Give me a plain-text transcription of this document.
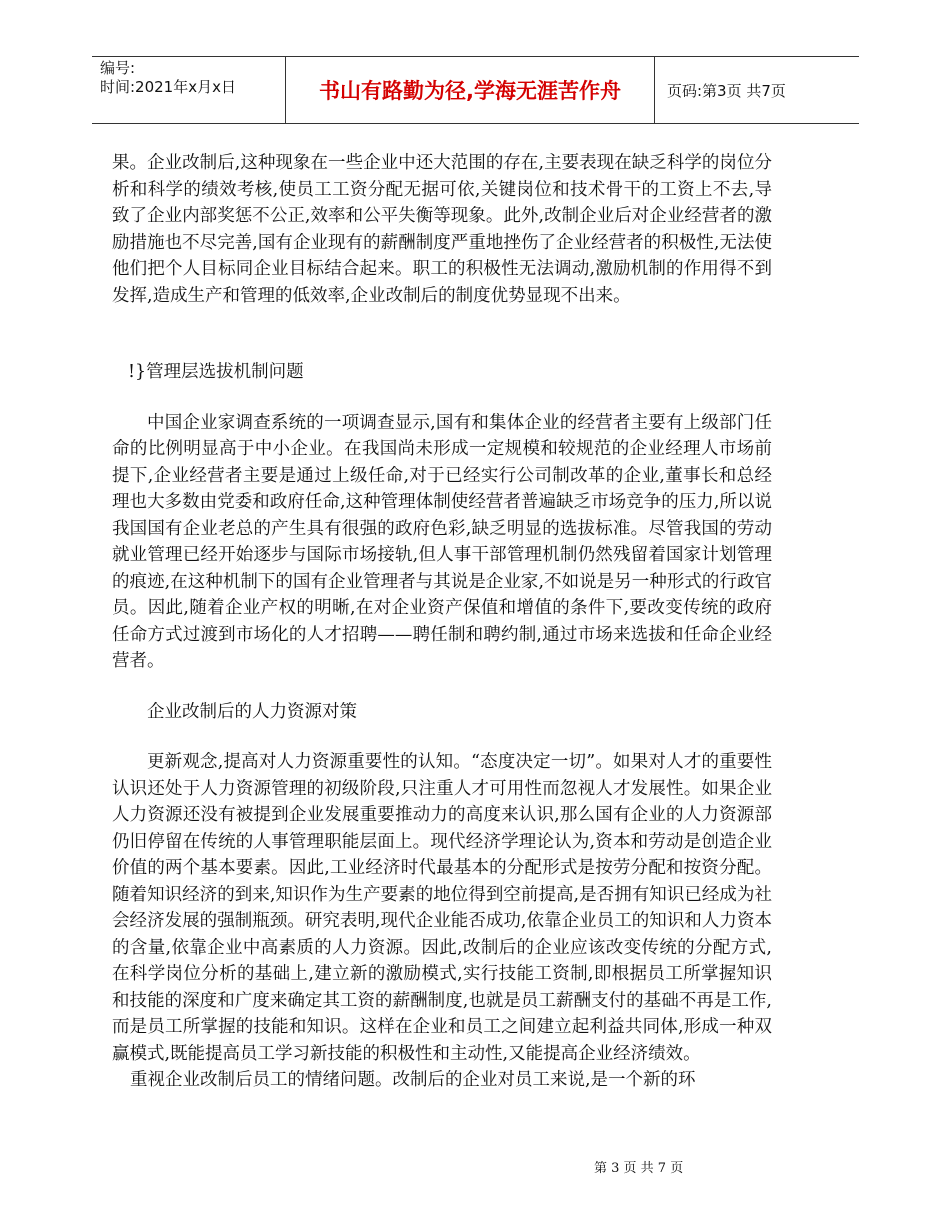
编号:
时间:2021年x月x日	书山有路勤为径,学海无涯苦作舟	页码:第3页 共7页

果。企业改制后,这种现象在一些企业中还大范围的存在,主要表现在缺乏科学的岗位分析和科学的绩效考核,使员工工资分配无据可依,关键岗位和技术骨干的工资上不去,导致了企业内部奖惩不公正,效率和公平失衡等现象。此外,改制企业后对企业经营者的激励措施也不尽完善,国有企业现有的薪酬制度严重地挫伤了企业经营者的积极性,无法使他们把个人目标同企业目标结合起来。职工的积极性无法调动,激励机制的作用得不到发挥,造成生产和管理的低效率,企业改制后的制度优势显现不出来。

!}管理层选拔机制问题

中国企业家调查系统的一项调查显示,国有和集体企业的经营者主要有上级部门任命的比例明显高于中小企业。在我国尚未形成一定规模和较规范的企业经理人市场前提下,企业经营者主要是通过上级任命,对于已经实行公司制改革的企业,董事长和总经理也大多数由党委和政府任命,这种管理体制使经营者普遍缺乏市场竞争的压力,所以说我国国有企业老总的产生具有很强的政府色彩,缺乏明显的选拔标准。尽管我国的劳动就业管理已经开始逐步与国际市场接轨,但人事干部管理机制仍然残留着国家计划管理的痕迹,在这种机制下的国有企业管理者与其说是企业家,不如说是另一种形式的行政官员。因此,随着企业产权的明晰,在对企业资产保值和增值的条件下,要改变传统的政府任命方式过渡到市场化的人才招聘——聘任制和聘约制,通过市场来选拔和任命企业经营者。

企业改制后的人力资源对策

更新观念,提高对人力资源重要性的认知。“态度决定一切”。如果对人才的重要性认识还处于人力资源管理的初级阶段,只注重人才可用性而忽视人才发展性。如果企业人力资源还没有被提到企业发展重要推动力的高度来认识,那么国有企业的人力资源部仍旧停留在传统的人事管理职能层面上。现代经济学理论认为,资本和劳动是创造企业价值的两个基本要素。因此,工业经济时代最基本的分配形式是按劳分配和按资分配。随着知识经济的到来,知识作为生产要素的地位得到空前提高,是否拥有知识已经成为社会经济发展的强制瓶颈。研究表明,现代企业能否成功,依靠企业员工的知识和人力资本的含量,依靠企业中高素质的人力资源。因此,改制后的企业应该改变传统的分配方式,在科学岗位分析的基础上,建立新的激励模式,实行技能工资制,即根据员工所掌握知识和技能的深度和广度来确定其工资的薪酬制度,也就是员工薪酬支付的基础不再是工作,而是员工所掌握的技能和知识。这样在企业和员工之间建立起利益共同体,形成一种双赢模式,既能提高员工学习新技能的积极性和主动性,又能提高企业经济绩效。

重视企业改制后员工的情绪问题。改制后的企业对员工来说,是一个新的环

第 3 页 共 7 页
